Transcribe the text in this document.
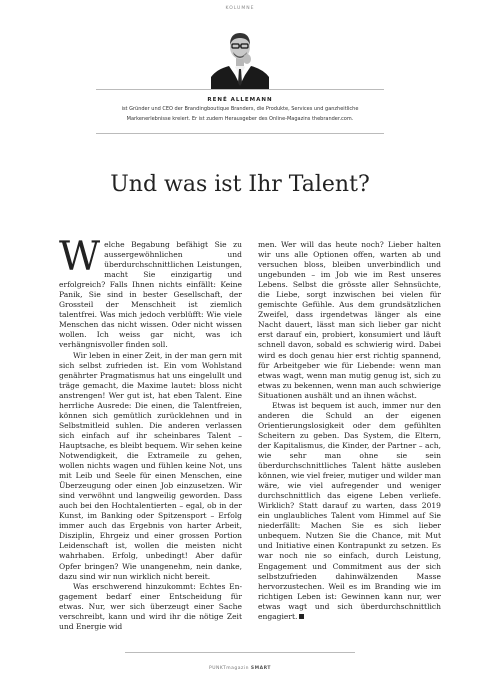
KOLUMNE
RENÉ ALLEMANN
ist Gründer und CEO der Brandingboutique Branders, die Produkte, Services und ganzheitliche
Markenerlebnisse kreiert. Er ist zudem Herausgeber des Online-Magazins thebrander.com.
Und was ist Ihr Talent?

Welche Begabung befähigt Sie zu aussergewöhnlichen und überdurchschnittlichen Leistungen, macht Sie einzigartig und erfolgreich? Falls Ihnen nichts einfällt: Keine Panik, Sie sind in bester Gesellschaft, der Grossteil der Menschheit ist ziemlich talentfrei. Was mich jedoch verblüfft: Wie viele Menschen das nicht wissen. Oder nicht wissen wollen. Ich weiss gar nicht, was ich verhängnisvoller finden soll.

Wir leben in einer Zeit, in der man gern mit sich selbst zufrieden ist. Ein vom Wohlstand genährter Pragmatismus hat uns eingelullt und träge gemacht, die Maxime lautet: bloss nicht anstrengen! Wer gut ist, hat eben Talent. Eine herrliche Ausrede: Die einen, die Talentfreien, können sich gemütlich zurücklehnen und in Selbstmitleid suhlen. Die anderen verlassen sich einfach auf ihr scheinbares Talent – Hauptsache, es bleibt bequem. Wir sehen keine Notwendigkeit, die Extrameile zu gehen, wollen nichts wagen und fühlen keine Not, uns mit Leib und Seele für einen Menschen, eine Überzeugung oder einen Job einzusetzen. Wir sind verwöhnt und langweilig geworden. Dass auch bei den Hochtalentierten – egal, ob in der Kunst, im Banking oder Spitzensport – Erfolg immer auch das Ergebnis von harter Arbeit, Disziplin, Ehrgeiz und einer grossen Portion Leidenschaft ist, wollen die meisten nicht wahrhaben. Erfolg, unbedingt! Aber dafür Opfer bringen? Wie unangenehm, nein danke, dazu sind wir nun wirklich nicht bereit.

Was erschwerend hinzukommt: Echtes Engagement bedarf einer Entscheidung für etwas. Nur, wer sich überzeugt einer Sache verschreibt, kann und wird ihr die nötige Zeit und Energie wid

men. Wer will das heute noch? Lieber halten wir uns alle Optionen offen, warten ab und versuchen bloss, bleiben unverbindlich und ungebunden – im Job wie im Rest unseres Lebens. Selbst die grösste aller Sehnsüchte, die Liebe, sorgt inzwischen bei vielen für gemischte Gefühle. Aus dem grundsätzlichen Zweifel, dass irgendetwas länger als eine Nacht dauert, lässt man sich lieber gar nicht erst darauf ein, probiert, konsumiert und läuft schnell davon, sobald es schwierig wird. Dabei wird es doch genau hier erst richtig spannend, für Arbeitgeber wie für Liebende: wenn man etwas wagt, wenn man mutig genug ist, sich zu etwas zu bekennen, wenn man auch schwierige Situationen aushält und an ihnen wächst.

Etwas ist bequem ist auch, immer nur den anderen die Schuld an der eigenen Orientierungslosigkeit oder dem gefühlten Scheitern zu geben. Das System, die Eltern, der Kapitalismus, die Kinder, der Partner – ach, wie sehr man ohne sie sein überdurchschnittliches Talent hätte ausleben können, wie viel freier, mutiger und wilder man wäre, wie viel aufregender und weniger durchschnittlich das eigene Leben verliefe. Wirklich? Statt darauf zu warten, dass 2019 ein unglaubliches Talent vom Himmel auf Sie niederfällt: Machen Sie es sich lieber unbequem. Nutzen Sie die Chance, mit Mut und Initiative einen Kontrapunkt zu setzen. Es war noch nie so einfach, durch Leistung, Engagement und Commitment aus der sich selbstzufrieden dahinwälzenden Masse hervorzustechen. Weil es im Branding wie im richtigen Leben ist: Gewinnen kann nur, wer etwas wagt und sich überdurchschnittlich engagiert.

PUNKTmagazin SMART
